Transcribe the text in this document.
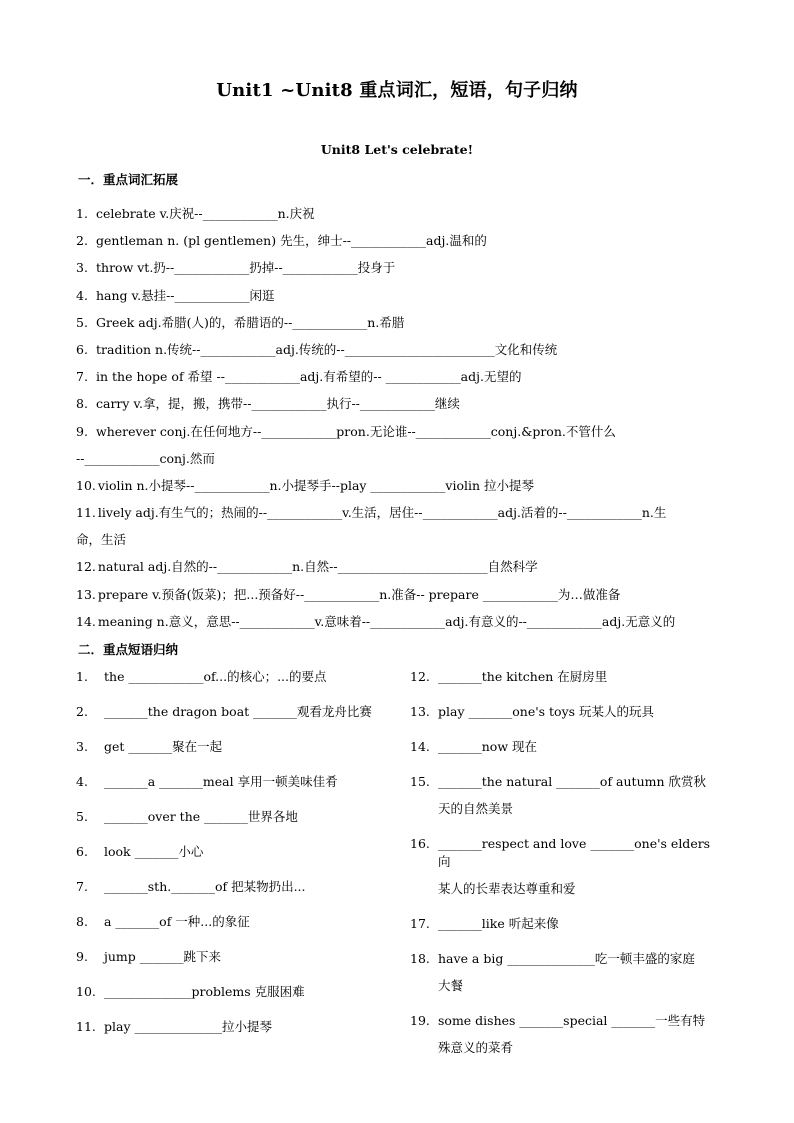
Unit1 ~Unit8 重点词汇，短语，句子归纳
Unit8 Let's celebrate!
一．重点词汇拓展
1. celebrate v.庆祝--____________n.庆祝
2. gentleman n. (pl gentlemen) 先生，绅士--____________adj.温和的
3. throw vt.扔--____________扔掉--____________投身于
4. hang v.悬挂--____________闲逛
5. Greek adj.希腊(人)的，希腊语的--____________n.希腊
6. tradition n.传统--____________adj.传统的--________________________文化和传统
7. in the hope of 希望 --____________adj.有希望的-- ____________adj.无望的
8. carry v.拿，提，搬，携带--____________执行--____________继续
9. wherever conj.在任何地方--____________pron.无论谁--____________conj.&pron.不管什么
--____________conj.然而
10. violin n.小提琴--____________n.小提琴手--play ____________violin 拉小提琴
11. lively adj.有生气的；热闹的--____________v.生活，居住--____________adj.活着的--____________n.生
命，生活
12. natural adj.自然的--____________n.自然--________________________自然科学
13. prepare v.预备(饭菜)；把...预备好--____________n.准备-- prepare ____________为…做准备
14. meaning n.意义，意思--____________v.意味着--____________adj.有意义的--____________adj.无意义的
二．重点短语归纳
1.	the ____________of...的核心；...的要点
2.	_______the dragon boat _______观看龙舟比赛
3.	get _______聚在一起
4.	_______a _______meal 享用一顿美味佳肴
5.	_______over the _______世界各地
6.	look _______小心
7.	_______sth._______of 把某物扔出...
8.	a _______of 一种...的象征
9.	jump _______跳下来
10. ______________problems 克服困难
11. play ______________拉小提琴
12. _______the kitchen 在厨房里
13. play _______one's toys 玩某人的玩具
14. _______now 现在
15. _______the natural _______of autumn 欣赏秋
天的自然美景
16. _______respect and love _______one's elders 向
某人的长辈表达尊重和爱
17. _______like 听起来像
18. have a big ______________吃一顿丰盛的家庭
大餐
19. some dishes _______special _______一些有特
殊意义的菜肴
